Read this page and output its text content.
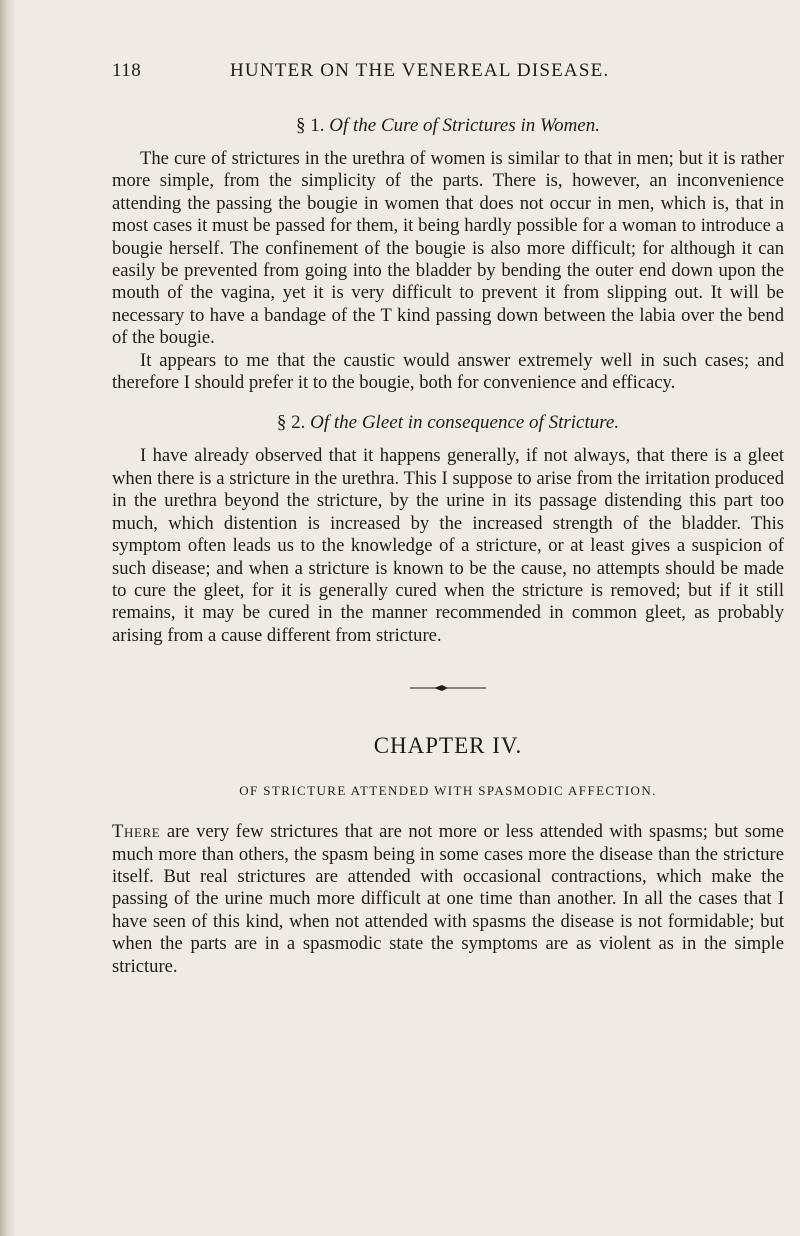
118	HUNTER ON THE VENEREAL DISEASE.
§ 1. Of the Cure of Strictures in Women.

The cure of strictures in the urethra of women is similar to that in men; but it is rather more simple, from the simplicity of the parts. There is, however, an inconvenience attending the passing the bougie in women that does not occur in men, which is, that in most cases it must be passed for them, it being hardly possible for a woman to introduce a bougie herself. The confinement of the bougie is also more difficult; for although it can easily be prevented from going into the bladder by bending the outer end down upon the mouth of the vagina, yet it is very difficult to prevent it from slipping out. It will be necessary to have a bandage of the T kind passing down between the labia over the bend of the bougie.

It appears to me that the caustic would answer extremely well in such cases; and therefore I should prefer it to the bougie, both for convenience and efficacy.

§ 2. Of the Gleet in consequence of Stricture.

I have already observed that it happens generally, if not always, that there is a gleet when there is a stricture in the urethra. This I suppose to arise from the irritation produced in the urethra beyond the stricture, by the urine in its passage distending this part too much, which distention is increased by the increased strength of the bladder. This symptom often leads us to the knowledge of a stricture, or at least gives a suspicion of such disease; and when a stricture is known to be the cause, no attempts should be made to cure the gleet, for it is generally cured when the stricture is removed; but if it still remains, it may be cured in the manner recommended in common gleet, as probably arising from a cause different from stricture.

CHAPTER IV.
OF STRICTURE ATTENDED WITH SPASMODIC AFFECTION.

There are very few strictures that are not more or less attended with spasms; but some much more than others, the spasm being in some cases more the disease than the stricture itself. But real strictures are attended with occasional contractions, which make the passing of the urine much more difficult at one time than another. In all the cases that I have seen of this kind, when not attended with spasms the disease is not formidable; but when the parts are in a spasmodic state the symptoms are as violent as in the simple stricture.
